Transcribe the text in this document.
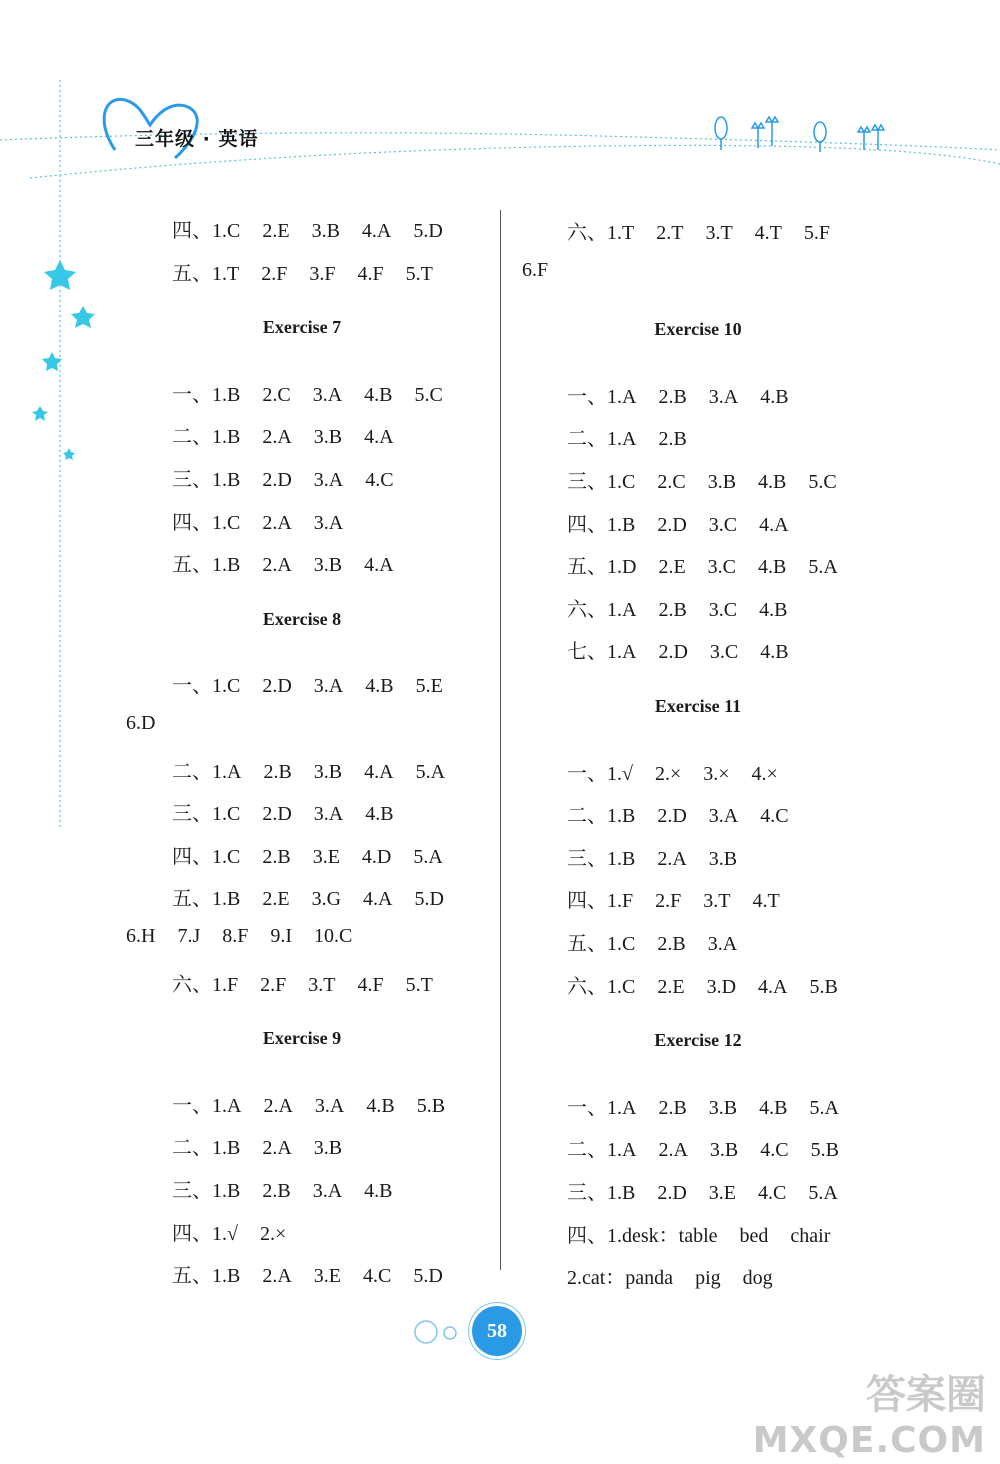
三年级 · 英语
四、1.C 2.E 3.B 4.A 5.D
五、1.T 2.F 3.F 4.F 5.T
Exercise 7
一、1.B 2.C 3.A 4.B 5.C
二、1.B 2.A 3.B 4.A
三、1.B 2.D 3.A 4.C
四、1.C 2.A 3.A
五、1.B 2.A 3.B 4.A
Exercise 8
一、1.C 2.D 3.A 4.B 5.E
6.D
二、1.A 2.B 3.B 4.A 5.A
三、1.C 2.D 3.A 4.B
四、1.C 2.B 3.E 4.D 5.A
五、1.B 2.E 3.G 4.A 5.D
6.H 7.J 8.F 9.I 10.C
六、1.F 2.F 3.T 4.F 5.T
Exercise 9
一、1.A 2.A 3.A 4.B 5.B
二、1.B 2.A 3.B
三、1.B 2.B 3.A 4.B
四、1.√ 2.×
五、1.B 2.A 3.E 4.C 5.D
六、1.T 2.T 3.T 4.T 5.F
6.F
Exercise 10
一、1.A 2.B 3.A 4.B
二、1.A 2.B
三、1.C 2.C 3.B 4.B 5.C
四、1.B 2.D 3.C 4.A
五、1.D 2.E 3.C 4.B 5.A
六、1.A 2.B 3.C 4.B
七、1.A 2.D 3.C 4.B
Exercise 11
一、1.√ 2.× 3.× 4.×
二、1.B 2.D 3.A 4.C
三、1.B 2.A 3.B
四、1.F 2.F 3.T 4.T
五、1.C 2.B 3.A
六、1.C 2.E 3.D 4.A 5.B
Exercise 12
一、1.A 2.B 3.B 4.B 5.A
二、1.A 2.A 3.B 4.C 5.B
三、1.B 2.D 3.E 4.C 5.A
四、1.desk：table bed chair
2.cat：panda pig dog
58
答案圈
MXQE.COM
